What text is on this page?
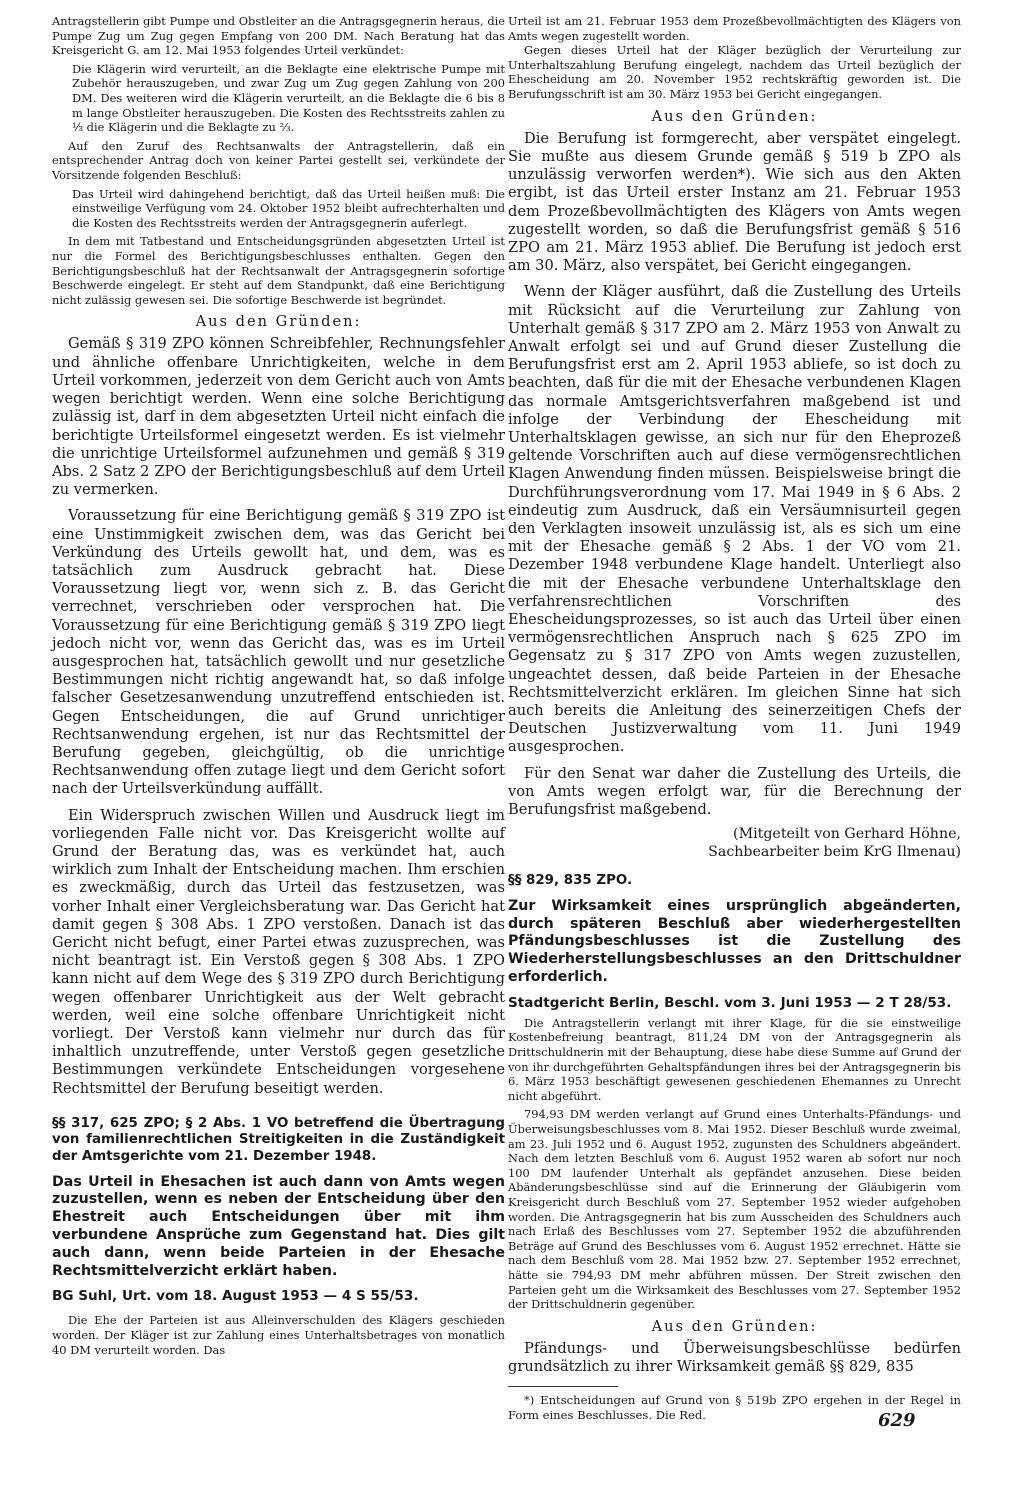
Antragstellerin gibt Pumpe und Obstleiter an die Antragsgegnerin heraus, die Pumpe Zug um Zug gegen Empfang von 200 DM. Nach Beratung hat das Kreisgericht G. am 12. Mai 1953 folgendes Urteil verkündet:

Die Klägerin wird verurteilt, an die Beklagte eine elektrische Pumpe mit Zubehör herauszugeben, und zwar Zug um Zug gegen Zahlung von 200 DM. Des weiteren wird die Klägerin verurteilt, an die Beklagte die 6 bis 8 m lange Obstleiter herauszugeben. Die Kosten des Rechtsstreits zahlen zu ⅓ die Klägerin und die Beklagte zu ⅔.

Auf den Zuruf des Rechtsanwalts der Antragstellerin, daß ein entsprechender Antrag doch von keiner Partei gestellt sei, verkündete der Vorsitzende folgenden Beschluß:

Das Urteil wird dahingehend berichtigt, daß das Urteil heißen muß: Die einstweilige Verfügung vom 24. Oktober 1952 bleibt aufrechterhalten und die Kosten des Rechtsstreits werden der Antragsgegnerin auferlegt.

In dem mit Tatbestand und Entscheidungsgründen abgesetzten Urteil ist nur die Formel des Berichtigungsbeschlusses enthalten. Gegen den Berichtigungsbeschluß hat der Rechtsanwalt der Antragsgegnerin sofortige Beschwerde eingelegt. Er steht auf dem Standpunkt, daß eine Berichtigung nicht zulässig gewesen sei. Die sofortige Beschwerde ist begründet.

Aus den Gründen:

Gemäß § 319 ZPO können Schreibfehler, Rechnungsfehler und ähnliche offenbare Unrichtigkeiten, welche in dem Urteil vorkommen, jederzeit von dem Gericht auch von Amts wegen berichtigt werden. Wenn eine solche Berichtigung zulässig ist, darf in dem abgesetzten Urteil nicht einfach die berichtigte Urteilsformel eingesetzt werden. Es ist vielmehr die unrichtige Urteilsformel aufzunehmen und gemäß § 319 Abs. 2 Satz 2 ZPO der Berichtigungsbeschluß auf dem Urteil zu vermerken.

Voraussetzung für eine Berichtigung gemäß § 319 ZPO ist eine Unstimmigkeit zwischen dem, was das Gericht bei Verkündung des Urteils gewollt hat, und dem, was es tatsächlich zum Ausdruck gebracht hat. Diese Voraussetzung liegt vor, wenn sich z. B. das Gericht verrechnet, verschrieben oder versprochen hat. Die Voraussetzung für eine Berichtigung gemäß § 319 ZPO liegt jedoch nicht vor, wenn das Gericht das, was es im Urteil ausgesprochen hat, tatsächlich gewollt und nur gesetzliche Bestimmungen nicht richtig angewandt hat, so daß infolge falscher Gesetzesanwendung unzutreffend entschieden ist. Gegen Entscheidungen, die auf Grund unrichtiger Rechtsanwendung ergehen, ist nur das Rechtsmittel der Berufung gegeben, gleichgültig, ob die unrichtige Rechtsanwendung offen zutage liegt und dem Gericht sofort nach der Urteilsverkündung auffällt.

Ein Widerspruch zwischen Willen und Ausdruck liegt im vorliegenden Falle nicht vor. Das Kreisgericht wollte auf Grund der Beratung das, was es verkündet hat, auch wirklich zum Inhalt der Entscheidung machen. Ihm erschien es zweckmäßig, durch das Urteil das festzusetzen, was vorher Inhalt einer Vergleichsberatung war. Das Gericht hat damit gegen § 308 Abs. 1 ZPO verstoßen. Danach ist das Gericht nicht befugt, einer Partei etwas zuzusprechen, was nicht beantragt ist. Ein Verstoß gegen § 308 Abs. 1 ZPO kann nicht auf dem Wege des § 319 ZPO durch Berichtigung wegen offenbarer Unrichtigkeit aus der Welt gebracht werden, weil eine solche offenbare Unrichtigkeit nicht vorliegt. Der Verstoß kann vielmehr nur durch das für inhaltlich unzutreffende, unter Verstoß gegen gesetzliche Bestimmungen verkündete Entscheidungen vorgesehene Rechtsmittel der Berufung beseitigt werden.

§§ 317, 625 ZPO; § 2 Abs. 1 VO betreffend die Übertragung von familienrechtlichen Streitigkeiten in die Zuständigkeit der Amtsgerichte vom 21. Dezember 1948.

Das Urteil in Ehesachen ist auch dann von Amts wegen zuzustellen, wenn es neben der Entscheidung über den Ehestreit auch Entscheidungen über mit ihm verbundene Ansprüche zum Gegenstand hat. Dies gilt auch dann, wenn beide Parteien in der Ehesache Rechtsmittelverzicht erklärt haben.

BG Suhl, Urt. vom 18. August 1953 — 4 S 55/53.

Die Ehe der Parteien ist aus Alleinverschulden des Klägers geschieden worden. Der Kläger ist zur Zahlung eines Unterhaltsbetrages von monatlich 40 DM verurteilt worden. Das

Urteil ist am 21. Februar 1953 dem Prozeßbevollmächtigten des Klägers von Amts wegen zugestellt worden.

Gegen dieses Urteil hat der Kläger bezüglich der Verurteilung zur Unterhaltszahlung Berufung eingelegt, nachdem das Urteil bezüglich der Ehescheidung am 20. November 1952 rechtskräftig geworden ist. Die Berufungsschrift ist am 30. März 1953 bei Gericht eingegangen.

Aus den Gründen:

Die Berufung ist formgerecht, aber verspätet eingelegt. Sie mußte aus diesem Grunde gemäß § 519 b ZPO als unzulässig verworfen werden*). Wie sich aus den Akten ergibt, ist das Urteil erster Instanz am 21. Februar 1953 dem Prozeßbevollmächtigten des Klägers von Amts wegen zugestellt worden, so daß die Berufungsfrist gemäß § 516 ZPO am 21. März 1953 ablief. Die Berufung ist jedoch erst am 30. März, also verspätet, bei Gericht eingegangen.

Wenn der Kläger ausführt, daß die Zustellung des Urteils mit Rücksicht auf die Verurteilung zur Zahlung von Unterhalt gemäß § 317 ZPO am 2. März 1953 von Anwalt zu Anwalt erfolgt sei und auf Grund dieser Zustellung die Berufungsfrist erst am 2. April 1953 abliefe, so ist doch zu beachten, daß für die mit der Ehesache verbundenen Klagen das normale Amtsgerichtsverfahren maßgebend ist und infolge der Verbindung der Ehescheidung mit Unterhaltsklagen gewisse, an sich nur für den Eheprozeß geltende Vorschriften auch auf diese vermögensrechtlichen Klagen Anwendung finden müssen. Beispielsweise bringt die Durchführungsverordnung vom 17. Mai 1949 in § 6 Abs. 2 eindeutig zum Ausdruck, daß ein Versäumnisurteil gegen den Verklagten insoweit unzulässig ist, als es sich um eine mit der Ehesache gemäß § 2 Abs. 1 der VO vom 21. Dezember 1948 verbundene Klage handelt. Unterliegt also die mit der Ehesache verbundene Unterhaltsklage den verfahrensrechtlichen Vorschriften des Ehescheidungsprozesses, so ist auch das Urteil über einen vermögensrechtlichen Anspruch nach § 625 ZPO im Gegensatz zu § 317 ZPO von Amts wegen zuzustellen, ungeachtet dessen, daß beide Parteien in der Ehesache Rechtsmittelverzicht erklären. Im gleichen Sinne hat sich auch bereits die Anleitung des seinerzeitigen Chefs der Deutschen Justizverwaltung vom 11. Juni 1949 ausgesprochen.

Für den Senat war daher die Zustellung des Urteils, die von Amts wegen erfolgt war, für die Berechnung der Berufungsfrist maßgebend.

(Mitgeteilt von Gerhard Höhne,
Sachbearbeiter beim KrG Ilmenau)

§§ 829, 835 ZPO.

Zur Wirksamkeit eines ursprünglich abgeänderten, durch späteren Beschluß aber wiederhergestellten Pfändungsbeschlusses ist die Zustellung des Wiederherstellungsbeschlusses an den Drittschuldner erforderlich.

Stadtgericht Berlin, Beschl. vom 3. Juni 1953 — 2 T 28/53.

Die Antragstellerin verlangt mit ihrer Klage, für die sie einstweilige Kostenbefreiung beantragt, 811,24 DM von der Antragsgegnerin als Drittschuldnerin mit der Behauptung, diese habe diese Summe auf Grund der von ihr durchgeführten Gehaltspfändungen ihres bei der Antragsgegnerin bis 6. März 1953 beschäftigt gewesenen geschiedenen Ehemannes zu Unrecht nicht abgeführt.

794,93 DM werden verlangt auf Grund eines Unterhalts-Pfändungs- und Überweisungsbeschlusses vom 8. Mai 1952. Dieser Beschluß wurde zweimal, am 23. Juli 1952 und 6. August 1952, zugunsten des Schuldners abgeändert. Nach dem letzten Beschluß vom 6. August 1952 waren ab sofort nur noch 100 DM laufender Unterhalt als gepfändet anzusehen. Diese beiden Abänderungsbeschlüsse sind auf die Erinnerung der Gläubigerin vom Kreisgericht durch Beschluß vom 27. September 1952 wieder aufgehoben worden. Die Antragsgegnerin hat bis zum Ausscheiden des Schuldners auch nach Erlaß des Beschlusses vom 27. September 1952 die abzuführenden Beträge auf Grund des Beschlusses vom 6. August 1952 errechnet. Hätte sie nach dem Beschluß vom 28. Mai 1952 bzw. 27. September 1952 errechnet, hätte sie 794,93 DM mehr abführen müssen. Der Streit zwischen den Parteien geht um die Wirksamkeit des Beschlusses vom 27. September 1952 der Drittschuldnerin gegenüber.

Aus den Gründen:

Pfändungs- und Überweisungsbeschlüsse bedürfen grundsätzlich zu ihrer Wirksamkeit gemäß §§ 829, 835

*) Entscheidungen auf Grund von § 519b ZPO ergehen in der Regel in Form eines Beschlusses. Die Red.	629
